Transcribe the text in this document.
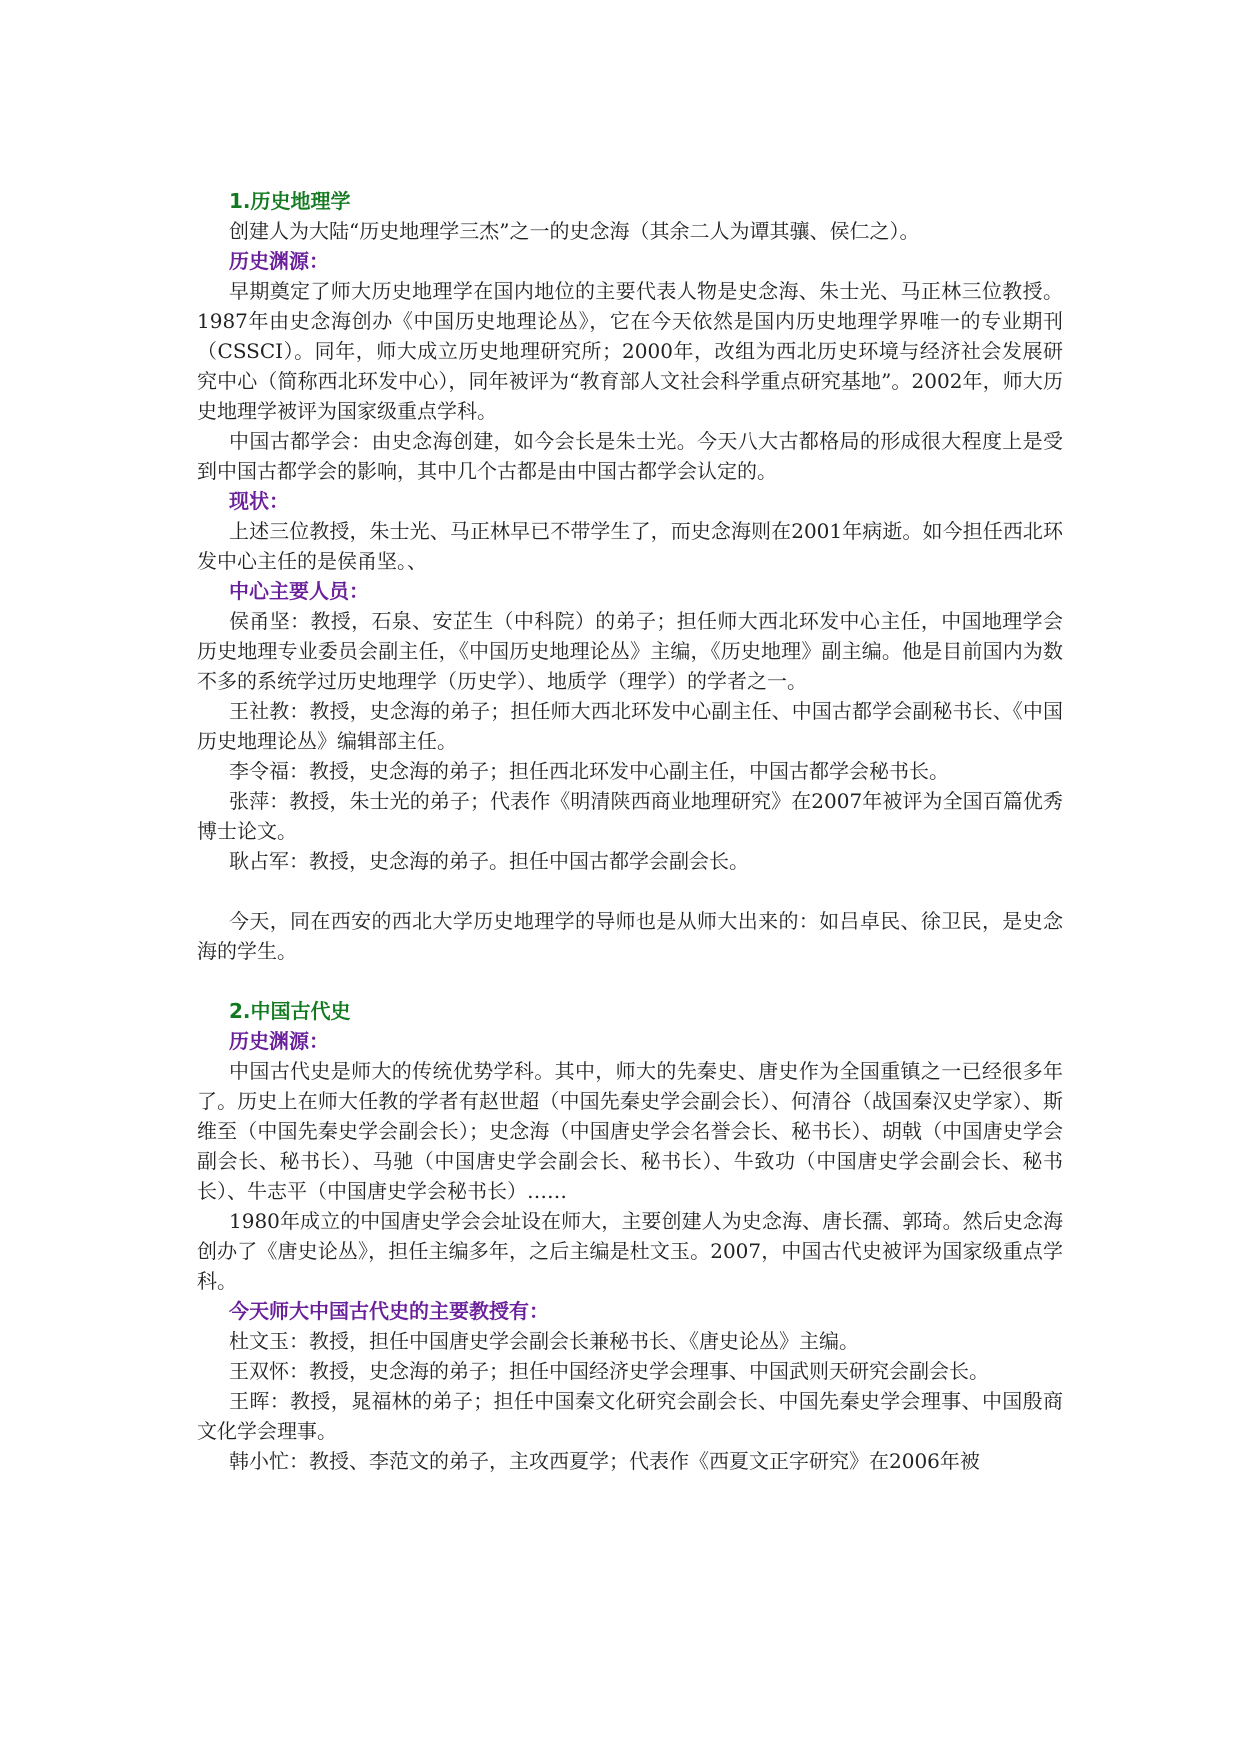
1.历史地理学

创建人为大陆“历史地理学三杰”之一的史念海（其余二人为谭其骧、侯仁之）。

历史渊源：

早期奠定了师大历史地理学在国内地位的主要代表人物是史念海、朱士光、马正林三位教授。1987年由史念海创办《中国历史地理论丛》，它在今天依然是国内历史地理学界唯一的专业期刊（CSSCI）。同年，师大成立历史地理研究所；2000年，改组为西北历史环境与经济社会发展研究中心（简称西北环发中心），同年被评为“教育部人文社会科学重点研究基地”。2002年，师大历史地理学被评为国家级重点学科。

中国古都学会：由史念海创建，如今会长是朱士光。今天八大古都格局的形成很大程度上是受到中国古都学会的影响，其中几个古都是由中国古都学会认定的。

现状：

上述三位教授，朱士光、马正林早已不带学生了，而史念海则在2001年病逝。如今担任西北环发中心主任的是侯甬坚。、

中心主要人员：

侯甬坚：教授，石泉、安芷生（中科院）的弟子；担任师大西北环发中心主任，中国地理学会历史地理专业委员会副主任，《中国历史地理论丛》主编，《历史地理》副主编。他是目前国内为数不多的系统学过历史地理学（历史学）、地质学（理学）的学者之一。

王社教：教授，史念海的弟子；担任师大西北环发中心副主任、中国古都学会副秘书长、《中国历史地理论丛》编辑部主任。

李令福：教授，史念海的弟子；担任西北环发中心副主任，中国古都学会秘书长。

张萍：教授，朱士光的弟子；代表作《明清陕西商业地理研究》在2007年被评为全国百篇优秀博士论文。

耿占军：教授，史念海的弟子。担任中国古都学会副会长。

今天，同在西安的西北大学历史地理学的导师也是从师大出来的：如吕卓民、徐卫民，是史念海的学生。

2.中国古代史

历史渊源：

中国古代史是师大的传统优势学科。其中，师大的先秦史、唐史作为全国重镇之一已经很多年了。历史上在师大任教的学者有赵世超（中国先秦史学会副会长）、何清谷（战国秦汉史学家）、斯维至（中国先秦史学会副会长）；史念海（中国唐史学会名誉会长、秘书长）、胡戟（中国唐史学会副会长、秘书长）、马驰（中国唐史学会副会长、秘书长）、牛致功（中国唐史学会副会长、秘书长）、牛志平（中国唐史学会秘书长）……

1980年成立的中国唐史学会会址设在师大，主要创建人为史念海、唐长孺、郭琦。然后史念海创办了《唐史论丛》，担任主编多年，之后主编是杜文玉。2007，中国古代史被评为国家级重点学科。

今天师大中国古代史的主要教授有：

杜文玉：教授，担任中国唐史学会副会长兼秘书长、《唐史论丛》主编。

王双怀：教授，史念海的弟子；担任中国经济史学会理事、中国武则天研究会副会长。

王晖：教授，晁福林的弟子；担任中国秦文化研究会副会长、中国先秦史学会理事、中国殷商文化学会理事。

韩小忙：教授、李范文的弟子，主攻西夏学；代表作《西夏文正字研究》在2006年被
